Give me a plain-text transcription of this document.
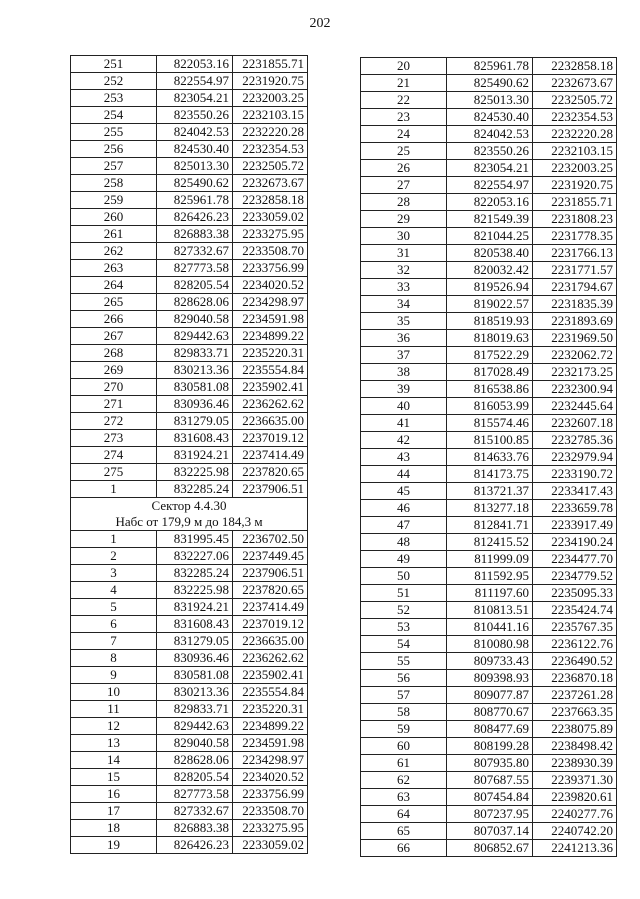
202
251	822053.16	2231855.71
252	822554.97	2231920.75
253	823054.21	2232003.25
254	823550.26	2232103.15
255	824042.53	2232220.28
256	824530.40	2232354.53
257	825013.30	2232505.72
258	825490.62	2232673.67
259	825961.78	2232858.18
260	826426.23	2233059.02
261	826883.38	2233275.95
262	827332.67	2233508.70
263	827773.58	2233756.99
264	828205.54	2234020.52
265	828628.06	2234298.97
266	829040.58	2234591.98
267	829442.63	2234899.22
268	829833.71	2235220.31
269	830213.36	2235554.84
270	830581.08	2235902.41
271	830936.46	2236262.62
272	831279.05	2236635.00
273	831608.43	2237019.12
274	831924.21	2237414.49
275	832225.98	2237820.65
1	832285.24	2237906.51
Сектор 4.4.30		
Набс от 179,9 м до 184,3 м		
1	831995.45	2236702.50
2	832227.06	2237449.45
3	832285.24	2237906.51
4	832225.98	2237820.65
5	831924.21	2237414.49
6	831608.43	2237019.12
7	831279.05	2236635.00
8	830936.46	2236262.62
9	830581.08	2235902.41
10	830213.36	2235554.84
11	829833.71	2235220.31
12	829442.63	2234899.22
13	829040.58	2234591.98
14	828628.06	2234298.97
15	828205.54	2234020.52
16	827773.58	2233756.99
17	827332.67	2233508.70
18	826883.38	2233275.95
19	826426.23	2233059.02
20	825961.78	2232858.18
21	825490.62	2232673.67
22	825013.30	2232505.72
23	824530.40	2232354.53
24	824042.53	2232220.28
25	823550.26	2232103.15
26	823054.21	2232003.25
27	822554.97	2231920.75
28	822053.16	2231855.71
29	821549.39	2231808.23
30	821044.25	2231778.35
31	820538.40	2231766.13
32	820032.42	2231771.57
33	819526.94	2231794.67
34	819022.57	2231835.39
35	818519.93	2231893.69
36	818019.63	2231969.50
37	817522.29	2232062.72
38	817028.49	2232173.25
39	816538.86	2232300.94
40	816053.99	2232445.64
41	815574.46	2232607.18
42	815100.85	2232785.36
43	814633.76	2232979.94
44	814173.75	2233190.72
45	813721.37	2233417.43
46	813277.18	2233659.78
47	812841.71	2233917.49
48	812415.52	2234190.24
49	811999.09	2234477.70
50	811592.95	2234779.52
51	811197.60	2235095.33
52	810813.51	2235424.74
53	810441.16	2235767.35
54	810080.98	2236122.76
55	809733.43	2236490.52
56	809398.93	2236870.18
57	809077.87	2237261.28
58	808770.67	2237663.35
59	808477.69	2238075.89
60	808199.28	2238498.42
61	807935.80	2238930.39
62	807687.55	2239371.30
63	807454.84	2239820.61
64	807237.95	2240277.76
65	807037.14	2240742.20
66	806852.67	2241213.36
